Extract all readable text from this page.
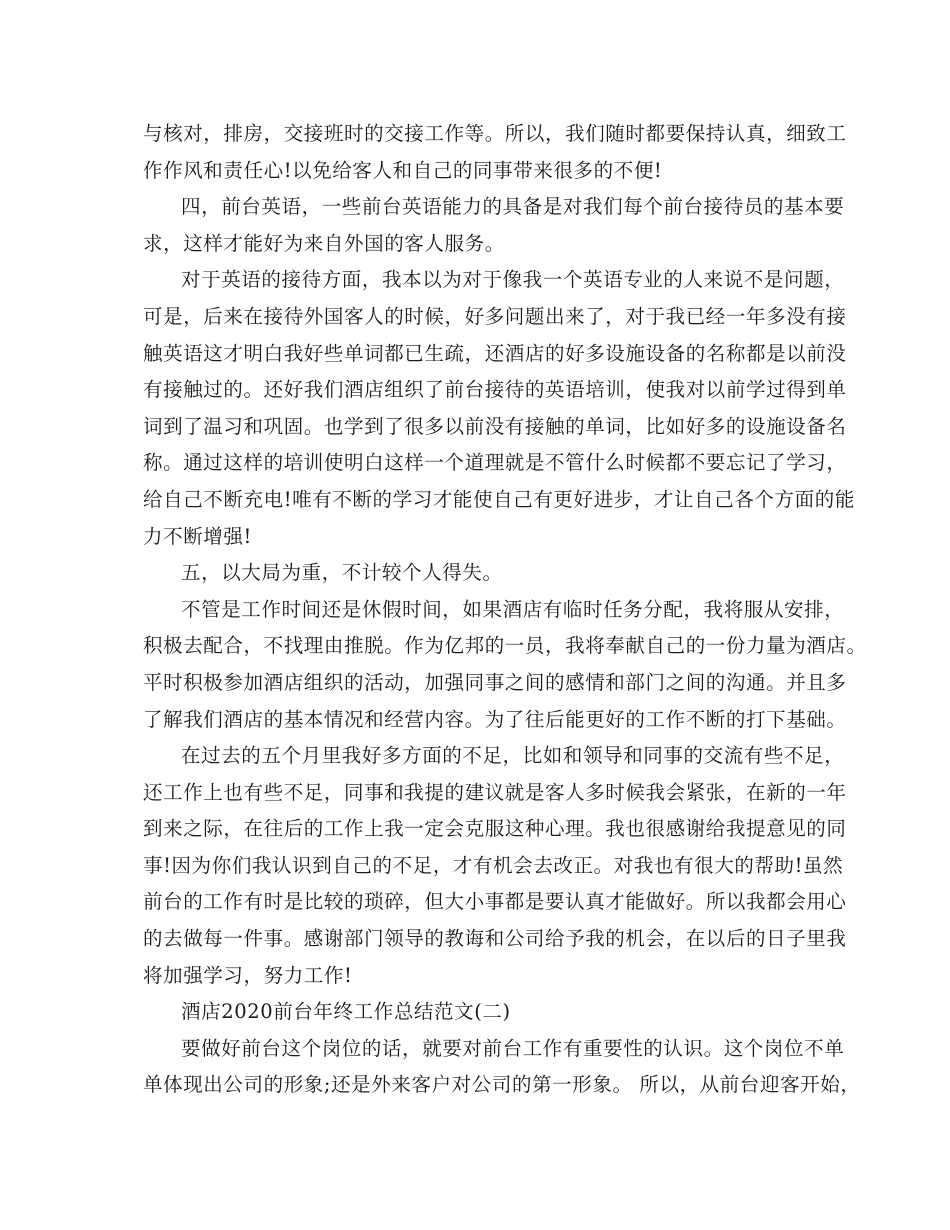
与核对，排房，交接班时的交接工作等。所以，我们随时都要保持认真，细致工
作作风和责任心!以免给客人和自己的同事带来很多的不便!
四，前台英语，一些前台英语能力的具备是对我们每个前台接待员的基本要
求，这样才能好为来自外国的客人服务。
对于英语的接待方面，我本以为对于像我一个英语专业的人来说不是问题，
可是，后来在接待外国客人的时候，好多问题出来了，对于我已经一年多没有接
触英语这才明白我好些单词都已生疏，还酒店的好多设施设备的名称都是以前没
有接触过的。还好我们酒店组织了前台接待的英语培训，使我对以前学过得到单
词到了温习和巩固。也学到了很多以前没有接触的单词，比如好多的设施设备名
称。通过这样的培训使明白这样一个道理就是不管什么时候都不要忘记了学习，
给自己不断充电!唯有不断的学习才能使自己有更好进步，才让自己各个方面的能
力不断增强!
五，以大局为重，不计较个人得失。
不管是工作时间还是休假时间，如果酒店有临时任务分配，我将服从安排，
积极去配合，不找理由推脱。作为亿邦的一员，我将奉献自己的一份力量为酒店。
平时积极参加酒店组织的活动，加强同事之间的感情和部门之间的沟通。并且多
了解我们酒店的基本情况和经营内容。为了往后能更好的工作不断的打下基础。
在过去的五个月里我好多方面的不足，比如和领导和同事的交流有些不足，
还工作上也有些不足，同事和我提的建议就是客人多时候我会紧张，在新的一年
到来之际，在往后的工作上我一定会克服这种心理。我也很感谢给我提意见的同
事!因为你们我认识到自己的不足，才有机会去改正。对我也有很大的帮助!虽然
前台的工作有时是比较的琐碎，但大小事都是要认真才能做好。所以我都会用心
的去做每一件事。感谢部门领导的教诲和公司给予我的机会，在以后的日子里我
将加强学习，努力工作!
酒店2020前台年终工作总结范文(二)
要做好前台这个岗位的话，就要对前台工作有重要性的认识。这个岗位不单
单体现出公司的形象;还是外来客户对公司的第一形象。 所以，从前台迎客开始，
